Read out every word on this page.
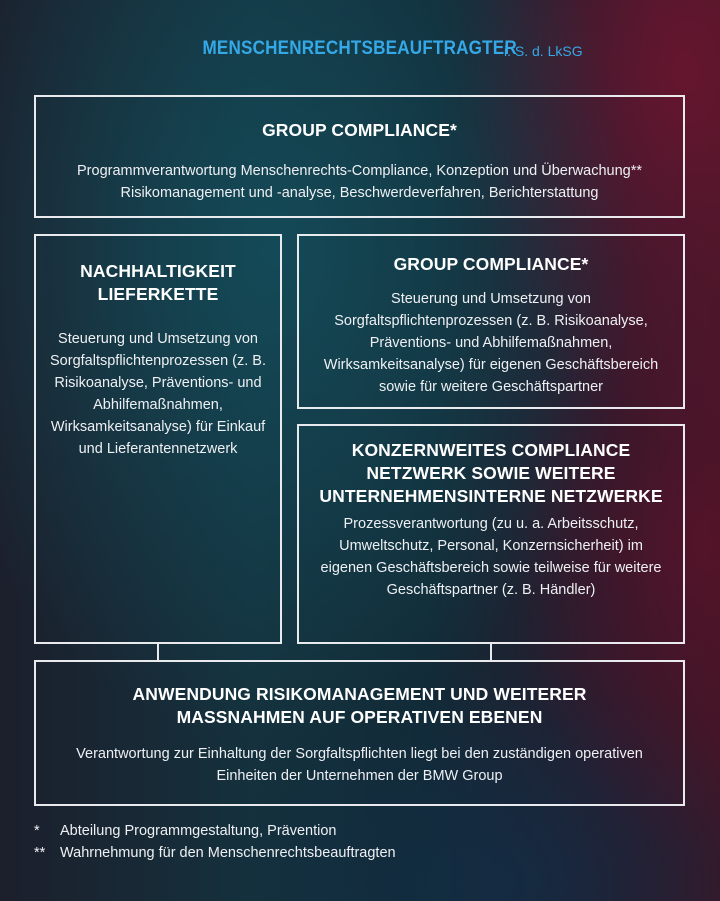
MENSCHENRECHTSBEAUFTRAGTER
i. S. d. LkSG
GROUP COMPLIANCE*

Programmverantwortung Menschenrechts-Compliance, Konzeption und Überwachung** Risikomanagement und -analyse, Beschwerdeverfahren, Berichterstattung

NACHHALTIGKEIT LIEFERKETTE

Steuerung und Umsetzung von Sorgfaltspflichtenprozessen (z. B. Risikoanalyse, Präventions- und Abhilfemaßnahmen, Wirksamkeitsanalyse) für Einkauf und Lieferantennetzwerk

GROUP COMPLIANCE*

Steuerung und Umsetzung von Sorgfaltspflichtenprozessen (z. B. Risikoanalyse, Präventions- und Abhilfemaßnahmen, Wirksamkeitsanalyse) für eigenen Geschäftsbereich sowie für weitere Geschäftspartner

KONZERNWEITES COMPLIANCE NETZWERK SOWIE WEITERE UNTERNEHMENSINTERNE NETZWERKE

Prozessverantwortung (zu u. a. Arbeitsschutz, Umweltschutz, Personal, Konzernsicherheit) im eigenen Geschäftsbereich sowie teilweise für weitere Geschäftspartner (z. B. Händler)

ANWENDUNG RISIKOMANAGEMENT UND WEITERER MASSNAHMEN AUF OPERATIVEN EBENEN

Verantwortung zur Einhaltung der Sorgfaltspflichten liegt bei den zuständigen operativen Einheiten der Unternehmen der BMW Group

*	Abteilung Programmgestaltung, Prävention
**	Wahrnehmung für den Menschenrechtsbeauftragten
